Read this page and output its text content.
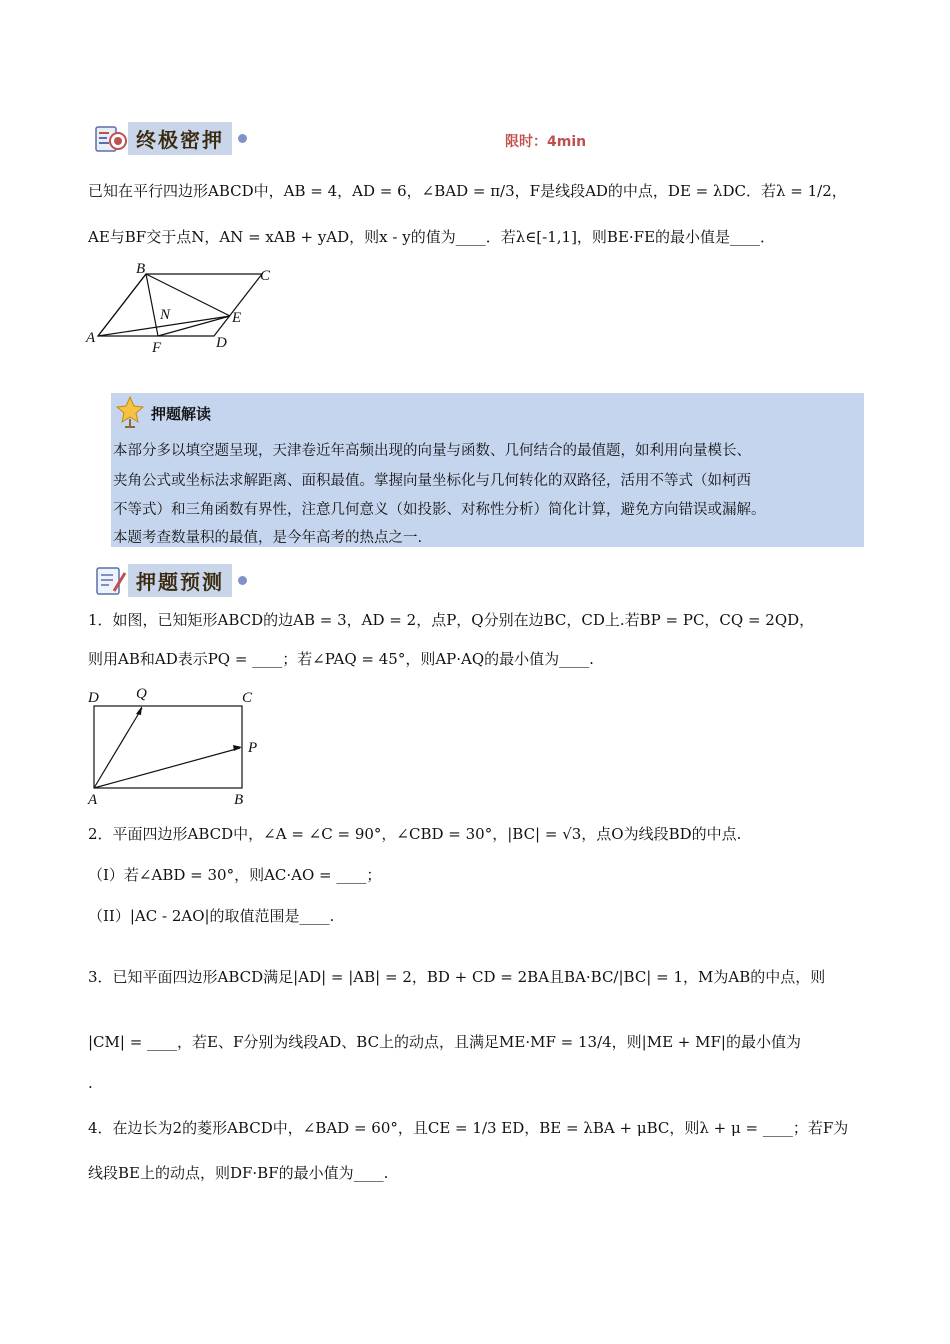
终极密押	限时：4min
已知在平行四边形ABCD中，AB = 4，AD = 6，∠BAD = π/3，F是线段AD的中点，DE = λDC．若λ = 1/2，
AE与BF交于点N，AN = xAB + yAD，则x - y的值为____．若λ∈[-1,1]，则BE·FE的最小值是____．
B	C
N	E
A
F	D
押题解读
本部分多以填空题呈现，天津卷近年高频出现的向量与函数、几何结合的最值题，如利用向量模长、
夹角公式或坐标法求解距离、面积最值。掌握向量坐标化与几何转化的双路径，活用不等式（如柯西
不等式）和三角函数有界性，注意几何意义（如投影、对称性分析）简化计算，避免方向错误或漏解。
本题考查数量积的最值，是今年高考的热点之一.
押题预测
1．如图，已知矩形ABCD的边AB = 3，AD = 2，点P，Q分别在边BC，CD上.若BP = PC，CQ = 2QD，
则用AB和AD表示PQ = ____；若∠PAQ = 45°，则AP·AQ的最小值为____.
D Q	C
P
A	B
2．平面四边形ABCD中，∠A = ∠C = 90°，∠CBD = 30°，|BC| = √3，点O为线段BD的中点.
（I）若∠ABD = 30°，则AC·AO = ____；
（II）|AC - 2AO|的取值范围是____.
3．已知平面四边形ABCD满足|AD| = |AB| = 2，BD + CD = 2BA且BA·BC/|BC| = 1，M为AB的中点，则
|CM| = ____，若E、F分别为线段AD、BC上的动点，且满足ME·MF = 13/4，则|ME + MF|的最小值为
.
4．在边长为2的菱形ABCD中，∠BAD = 60°，且CE = 1/3 ED，BE = λBA + μBC，则λ + μ = ____；若F为
线段BE上的动点，则DF·BF的最小值为____.
